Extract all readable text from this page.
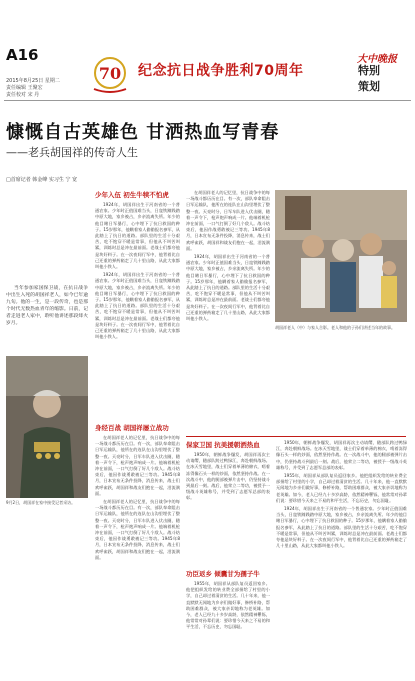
A16
2015年8月25日 星期二
责任编辑 王聚宏
责任校对 宋 丹
70 纪念抗日战争胜利70周年
大中晚报
特别策划
慷慨自古英雄色 甘洒热血写青春
——老兵胡国祥的传奇人生
□首席记者 韩金峰 实习生 宁 宽

当年参加家国保卫战，在抗日战争中出生入死的胡国祥老人，如今已年逾九旬。他的一生，是一段传奇，也是那个时代无数热血青年的缩影。日前，记者走进老人家中，聆听他讲述那段烽火岁月。

9月2日，胡国祥在家中接受记者采访。
少年入伍 初生牛犊不怕虎

1924年，胡国祥出生于河南省的一个普通农家。少年时正值国难当头，日寇铁蹄践踏中原大地，家乡被占，乡亲流离失所。年少的他目睹日军暴行，心中埋下了抗日救国的种子。15岁那年，他瞒着家人偷偷报名参军，从此踏上了抗日的道路。部队里的生活十分艰苦，吃不饱穿不暖是常事，但他从不叫苦叫累，训练时总是冲在最前面。老战士们都夸他是块好料子。在一次夜间行军中，他背着比自己还重的弹药箱走了几十里山路，从此大家都叫他小铁人。

1924年，胡国祥出生于河南省的一个普通农家。少年时正值国难当头，日寇铁蹄践踏中原大地，家乡被占，乡亲流离失所。年少的他目睹日军暴行，心中埋下了抗日救国的种子。15岁那年，他瞒着家人偷偷报名参军，从此踏上了抗日的道路。部队里的生活十分艰苦，吃不饱穿不暖是常事，但他从不叫苦叫累，训练时总是冲在最前面。老战士们都夸他是块好料子。在一次夜间行军中，他背着比自己还重的弹药箱走了几十里山路，从此大家都叫他小铁人。

身经百战 胡国祥屡立战功

在胡国祥老人的记忆里，抗日战争中的每一场战斗都历历在目。有一次，部队奉命阻击日军运输队，他所在的连队在山沟里埋伏了整整一夜。天亮时分，日军车队进入伏击圈，随着一声令下，枪声炮声响成一片。他端着机枪冲在前面，一口气打倒了好几个敌人。战斗结束后，他因作战勇敢被记三等功。1945年8月，日本宣布无条件投降，消息传来，战士们欢呼雀跃，胡国祥和战友们抱在一起，泪流满面。

在胡国祥老人的记忆里，抗日战争中的每一场战斗都历历在目。有一次，部队奉命阻击日军运输队，他所在的连队在山沟里埋伏了整整一夜。天亮时分，日军车队进入伏击圈，随着一声令下，枪声炮声响成一片。他端着机枪冲在前面，一口气打倒了好几个敌人。战斗结束后，他因作战勇敢被记三等功。1945年8月，日本宣布无条件投降，消息传来，战士们欢呼雀跃，胡国祥和战友们抱在一起，泪流满面。

在胡国祥老人的记忆里，抗日战争中的每一场战斗都历历在目。有一次，部队奉命阻击日军运输队，他所在的连队在山沟里埋伏了整整一夜。天亮时分，日军车队进入伏击圈，随着一声令下，枪声炮声响成一片。他端着机枪冲在前面，一口气打倒了好几个敌人。战斗结束后，他因作战勇敢被记三等功。1945年8月，日本宣布无条件投降，消息传来，战士们欢呼雀跃，胡国祥和战友们抱在一起，泪流满面。

1924年，胡国祥出生于河南省的一个普通农家。少年时正值国难当头，日寇铁蹄践踏中原大地，家乡被占，乡亲流离失所。年少的他目睹日军暴行，心中埋下了抗日救国的种子。15岁那年，他瞒着家人偷偷报名参军，从此踏上了抗日的道路。部队里的生活十分艰苦，吃不饱穿不暖是常事，但他从不叫苦叫累，训练时总是冲在最前面。老战士们都夸他是块好料子。在一次夜间行军中，他背着比自己还重的弹药箱走了几十里山路，从此大家都叫他小铁人。

胡国祥老人（中）与家人合影。老人和他的子孙们讲述当年的故事。
保家卫国 抗美援朝洒热血

1950年，朝鲜战争爆发，胡国祥再次主动请缨，随部队跨过鸭绿江，奔赴朝鲜战场。在冰天雪地里，战士们穿着单薄的棉衣，啃着冻得像石头一样的炒面，依然坚持作战。在一次战斗中，他的腿部被弹片击中，仍坚持战斗到最后一刻。战后，他荣立二等功，被授予一级战斗英雄称号，并受到了志愿军总部的表彰。

功臣返乡 倾囊甘为孺子牛

1955年，胡国祥从部队复员返回家乡。他把组织发给的转业费全部捐给了村里的小学，自己却过着清贫的生活。几十年来，他一直默默无闻地为乡亲们做好事，修桥补路，帮助困难群众，被大家亲切地称为老英雄。如今，老人已经九十多岁高龄，依然精神矍铄，他常常对孙辈们说：要珍惜今天来之不易的和平生活，不忘历史，勿忘国耻。

1950年，朝鲜战争爆发，胡国祥再次主动请缨，随部队跨过鸭绿江，奔赴朝鲜战场。在冰天雪地里，战士们穿着单薄的棉衣，啃着冻得像石头一样的炒面，依然坚持作战。在一次战斗中，他的腿部被弹片击中，仍坚持战斗到最后一刻。战后，他荣立二等功，被授予一级战斗英雄称号，并受到了志愿军总部的表彰。

1955年，胡国祥从部队复员返回家乡。他把组织发给的转业费全部捐给了村里的小学，自己却过着清贫的生活。几十年来，他一直默默无闻地为乡亲们做好事，修桥补路，帮助困难群众，被大家亲切地称为老英雄。如今，老人已经九十多岁高龄，依然精神矍铄，他常常对孙辈们说：要珍惜今天来之不易的和平生活，不忘历史，勿忘国耻。

1924年，胡国祥出生于河南省的一个普通农家。少年时正值国难当头，日寇铁蹄践踏中原大地，家乡被占，乡亲流离失所。年少的他目睹日军暴行，心中埋下了抗日救国的种子。15岁那年，他瞒着家人偷偷报名参军，从此踏上了抗日的道路。部队里的生活十分艰苦，吃不饱穿不暖是常事，但他从不叫苦叫累，训练时总是冲在最前面。老战士们都夸他是块好料子。在一次夜间行军中，他背着比自己还重的弹药箱走了几十里山路，从此大家都叫他小铁人。
